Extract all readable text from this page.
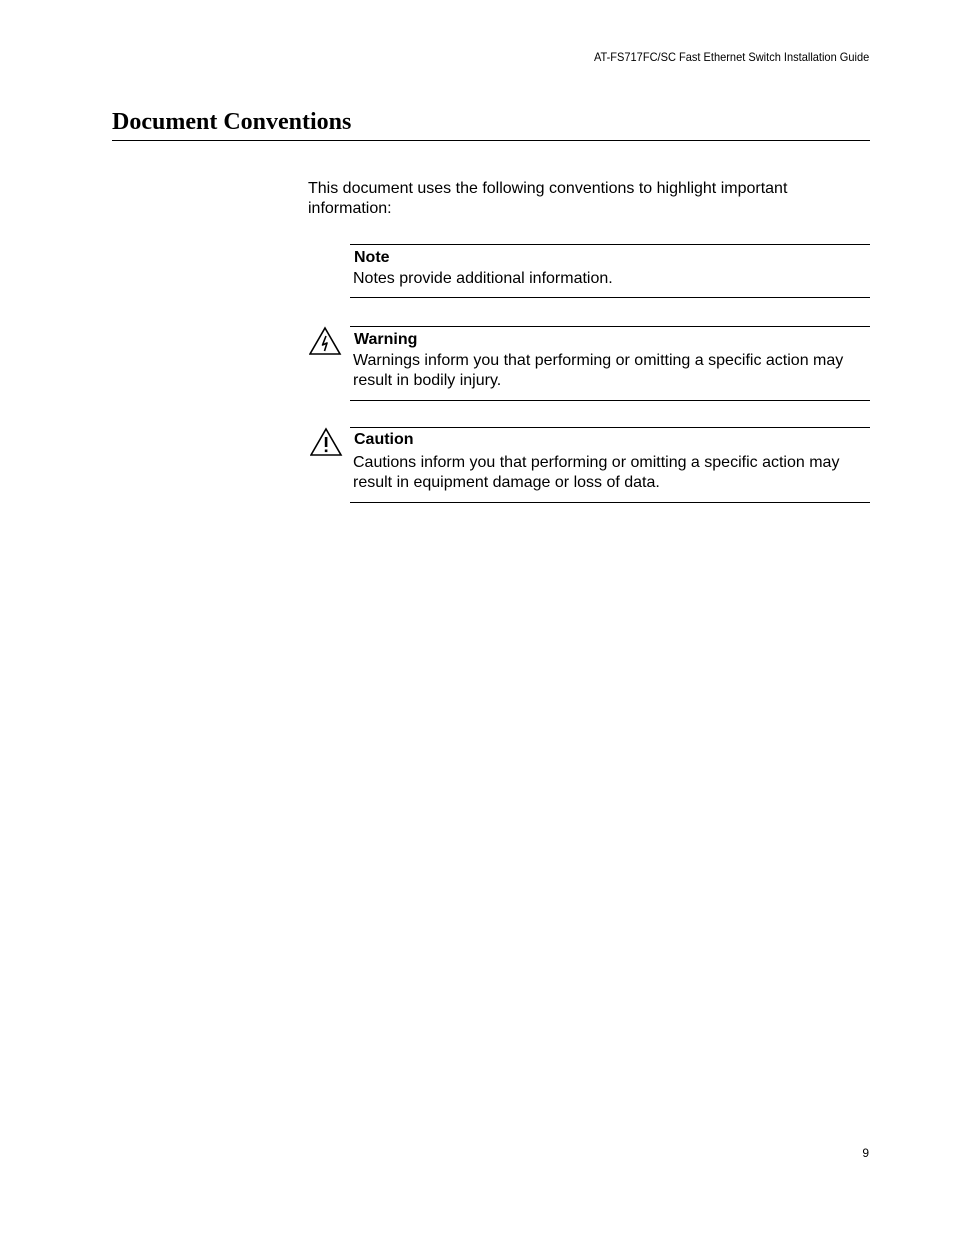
AT-FS717FC/SC Fast Ethernet Switch Installation Guide
Document Conventions

This document uses the following conventions to highlight important information:

Note
Notes provide additional information.
Warning
Warnings inform you that performing or omitting a specific action may result in bodily injury.
Caution
Cautions inform you that performing or omitting a specific action may result in equipment damage or loss of data.
9
